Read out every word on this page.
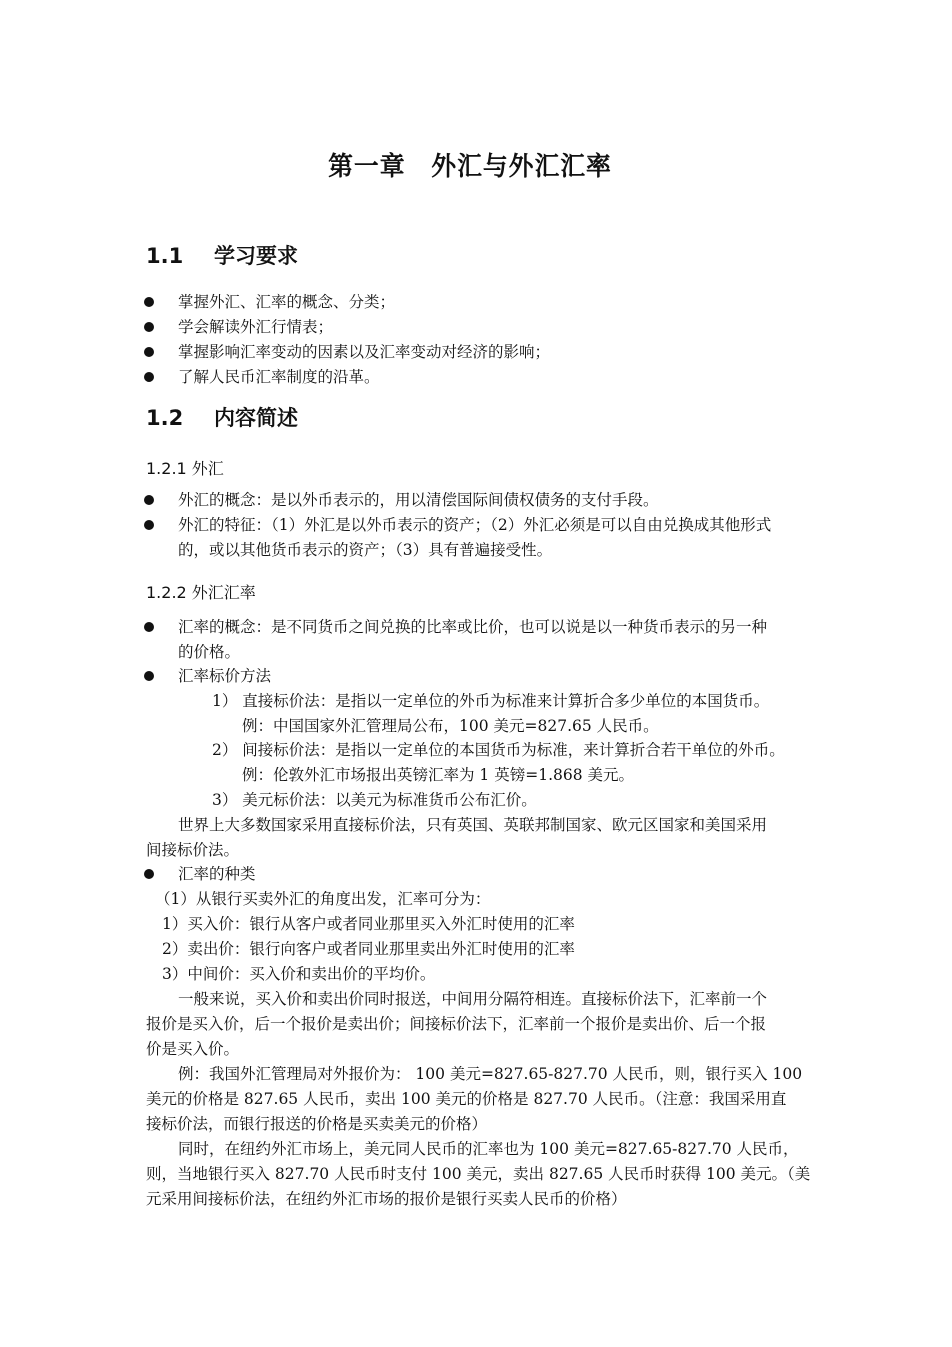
第一章　外汇与外汇汇率
1.1 学习要求
掌握外汇、汇率的概念、分类；
学会解读外汇行情表；
掌握影响汇率变动的因素以及汇率变动对经济的影响；
了解人民币汇率制度的沿革。
1.2 内容简述
1.2.1 外汇
外汇的概念：是以外币表示的，用以清偿国际间债权债务的支付手段。
外汇的特征：（1）外汇是以外币表示的资产；（2）外汇必须是可以自由兑换成其他形式
的，或以其他货币表示的资产；（3）具有普遍接受性。
1.2.2 外汇汇率
汇率的概念：是不同货币之间兑换的比率或比价，也可以说是以一种货币表示的另一种
的价格。
汇率标价方法
1） 直接标价法：是指以一定单位的外币为标准来计算折合多少单位的本国货币。
例：中国国家外汇管理局公布，100 美元=827.65 人民币。
2） 间接标价法：是指以一定单位的本国货币为标准，来计算折合若干单位的外币。
例：伦敦外汇市场报出英镑汇率为 1 英镑=1.868 美元。
3） 美元标价法：以美元为标准货币公布汇价。
世界上大多数国家采用直接标价法，只有英国、英联邦制国家、欧元区国家和美国采用
间接标价法。
汇率的种类
（1）从银行买卖外汇的角度出发，汇率可分为：
1）买入价：银行从客户或者同业那里买入外汇时使用的汇率
2）卖出价：银行向客户或者同业那里卖出外汇时使用的汇率
3）中间价：买入价和卖出价的平均价。
一般来说，买入价和卖出价同时报送，中间用分隔符相连。直接标价法下，汇率前一个
报价是买入价，后一个报价是卖出价；间接标价法下，汇率前一个报价是卖出价、后一个报
价是买入价。
例：我国外汇管理局对外报价为： 100 美元=827.65-827.70 人民币，则，银行买入 100
美元的价格是 827.65 人民币，卖出 100 美元的价格是 827.70 人民币。（注意：我国采用直
接标价法，而银行报送的价格是买卖美元的价格）
同时，在纽约外汇市场上，美元同人民币的汇率也为 100 美元=827.65-827.70 人民币，
则，当地银行买入 827.70 人民币时支付 100 美元，卖出 827.65 人民币时获得 100 美元。（美
元采用间接标价法，在纽约外汇市场的报价是银行买卖人民币的价格）
